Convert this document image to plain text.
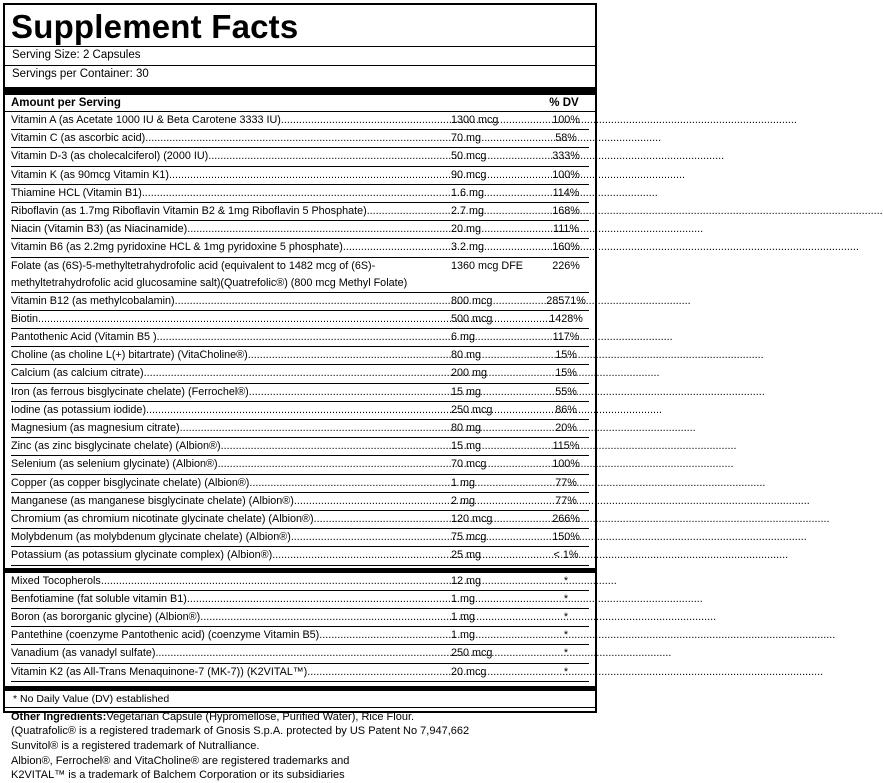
Supplement Facts
Serving Size: 2 Capsules
Servings per Container: 30
Amount per Serving	% DV
Vitamin A (as Acetate 1000 IU & Beta Carotene 3333 IU) .....	1300 mcg	100%
Vitamin C (as ascorbic acid) .....	70 mg	58%
Vitamin D-3 (as cholecalciferol) (2000 IU) .....	50 mcg	333%
Vitamin K (as 90mcg Vitamin K1) .....	90 mcg	100%
Thiamine HCL (Vitamin B1) .....	1.6 mg	114%
Riboflavin (as 1.7mg Riboflavin Vitamin B2 & 1mg Riboflavin 5 Phosphate) .....	2.7 mg	168%
Niacin (Vitamin B3) (as Niacinamide) .....	20 mg	111%
Vitamin B6 (as 2.2mg pyridoxine HCL & 1mg pyridoxine 5 phosphate) .....	3.2 mg	160%
Folate (as (6S)-5-methyltetrahydrofolic acid (equivalent to 1482 mcg of (6S)-methyltetrahydrofolic acid glucosamine salt)(Quatrefolic®) (800 mcg Methyl Folate)
1360 mcg DFE	226%
Vitamin B12 (as methylcobalamin) .....	800 mcg	28571%
Biotin .....	500 mcg	1428%
Pantothenic Acid (Vitamin B5 ) .....	6 mg	117%
Choline (as choline L(+) bitartrate) (VitaCholine®) .....	80 mg	15%
Calcium (as calcium citrate) .....	200 mg	15%
Iron (as ferrous bisglycinate chelate) (Ferrochel®) .....	15 mg	55%
Iodine (as potassium iodide) .....	250 mcg	86%
Magnesium (as magnesium citrate) .....	80 mg	20%
Zinc (as zinc bisglycinate chelate) (Albion®) .....	15 mg	115%
Selenium (as selenium glycinate) (Albion®) .....	70 mcg	100%
Copper (as copper bisglycinate chelate) (Albion®) .....	1 mg	77%
Manganese (as manganese bisglycinate chelate) (Albion®) .....	2 mg	77%
Chromium (as chromium nicotinate glycinate chelate) (Albion®) .....	120 mcg	266%
Molybdenum (as molybdenum glycinate chelate) (Albion®) .....	75 mcg	150%
Potassium (as potassium glycinate complex) (Albion®) .....	25 mg	< 1%
Mixed Tocopherols .....	12 mg	*
Benfotiamine (fat soluble vitamin B1) .....	1 mg	*
Boron (as bororganic glycine) (Albion®) .....	1 mg	*
Pantethine (coenzyme Pantothenic acid) (coenzyme Vitamin B5) .....	1 mg	*
Vanadium (as vanadyl sulfate) .....	250 mcg	*
Vitamin K2 (as All-Trans Menaquinone-7 (MK-7)) (K2VITAL™) .....	20 mcg	*
* No Daily Value (DV) established
Other Ingredients:Vegetarian Capsule (Hypromellose, Purified Water), Rice Flour.
(Quatrafolic® is a registered trademark of Gnosis S.p.A. protected by US Patent No 7,947,662
Sunvitol® is a registered trademark of Nutralliance.
Albion®, Ferrochel® and VitaCholine® are registered trademarks and
K2VITAL™ is a trademark of Balchem Corporation or its subsidiaries
